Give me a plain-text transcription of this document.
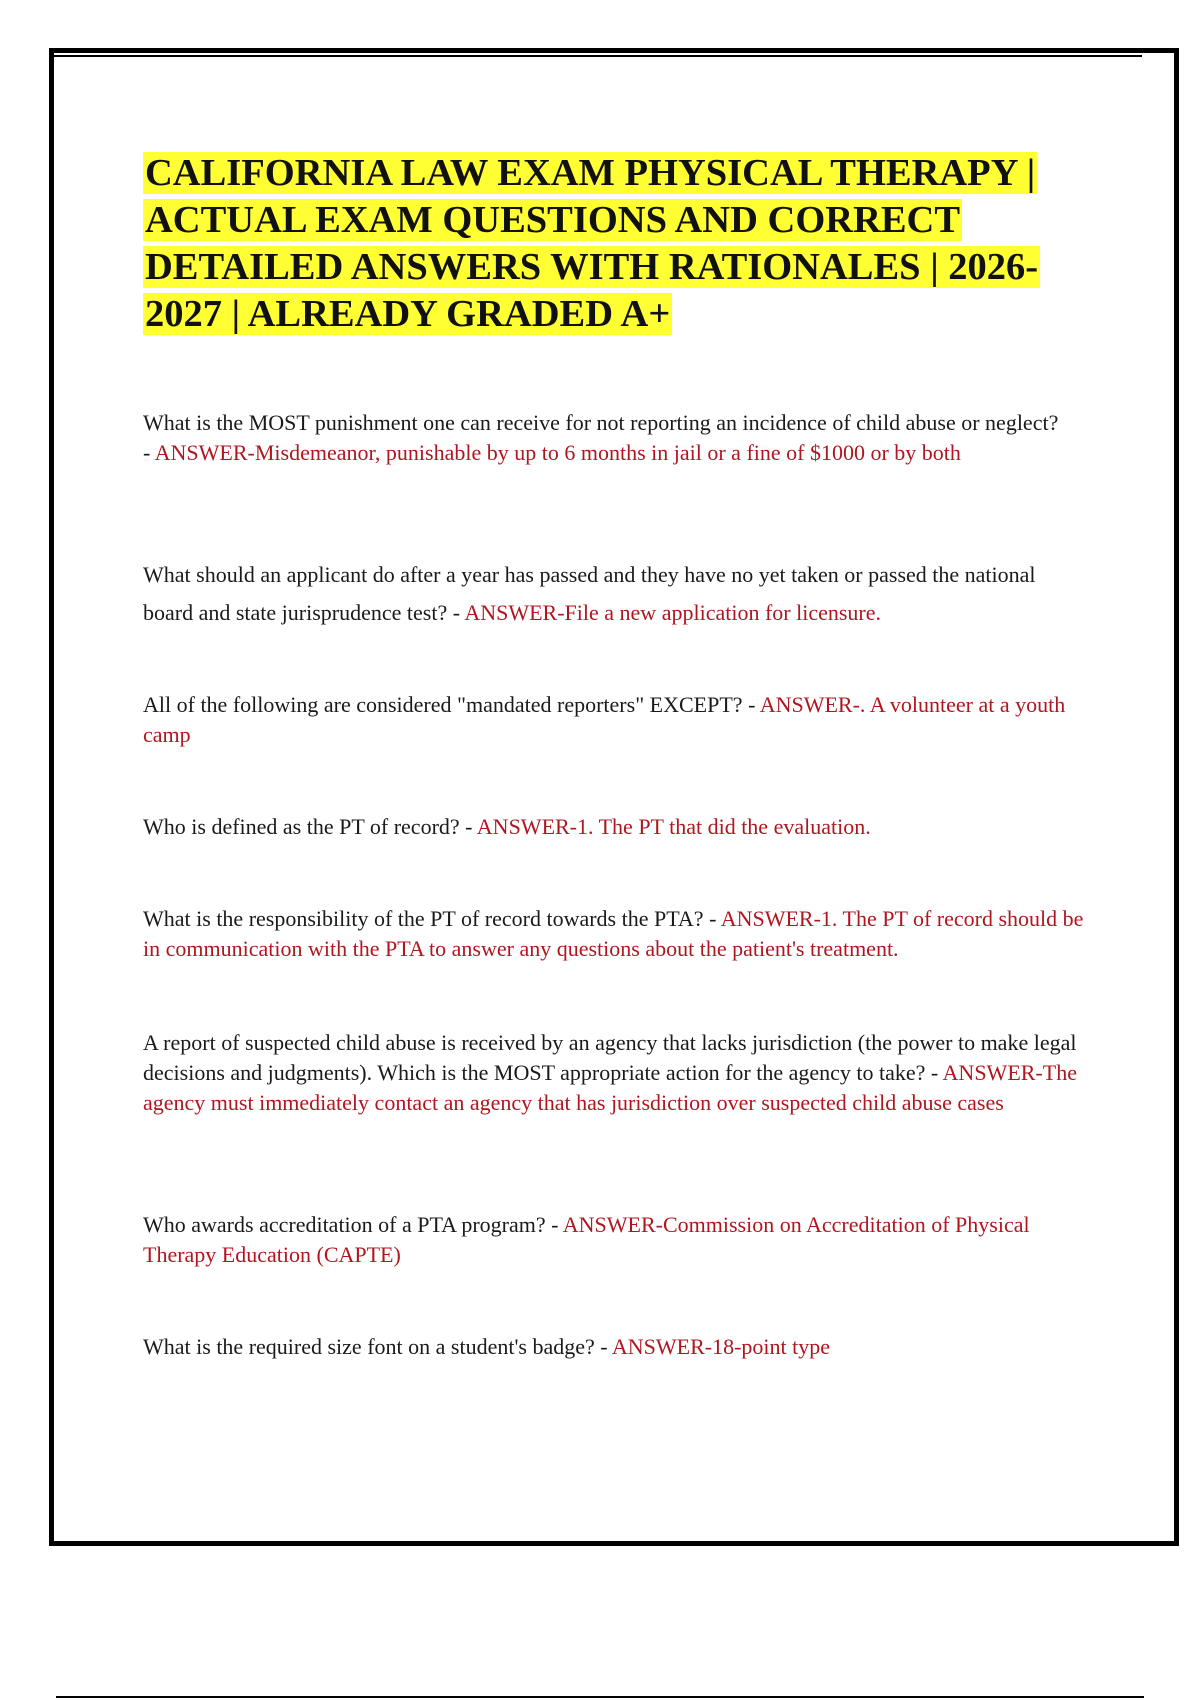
CALIFORNIA LAW EXAM PHYSICAL THERAPY | ACTUAL EXAM QUESTIONS AND CORRECT DETAILED ANSWERS WITH RATIONALES | 2026-2027 | ALREADY GRADED A+
What is the MOST punishment one can receive for not reporting an incidence of child abuse or neglect?
- ANSWER-Misdemeanor, punishable by up to 6 months in jail or a fine of $1000 or by both
What should an applicant do after a year has passed and they have no yet taken or passed the national board and state jurisprudence test? - ANSWER-File a new application for licensure.
All of the following are considered "mandated reporters" EXCEPT? - ANSWER-. A volunteer at a youth camp
Who is defined as the PT of record? - ANSWER-1. The PT that did the evaluation.
What is the responsibility of the PT of record towards the PTA? - ANSWER-1. The PT of record should be in communication with the PTA to answer any questions about the patient's treatment.
A report of suspected child abuse is received by an agency that lacks jurisdiction (the power to make legal decisions and judgments). Which is the MOST appropriate action for the agency to take? - ANSWER-The agency must immediately contact an agency that has jurisdiction over suspected child abuse cases
Who awards accreditation of a PTA program? - ANSWER-Commission on Accreditation of Physical Therapy Education (CAPTE)
What is the required size font on a student's badge? - ANSWER-18-point type
